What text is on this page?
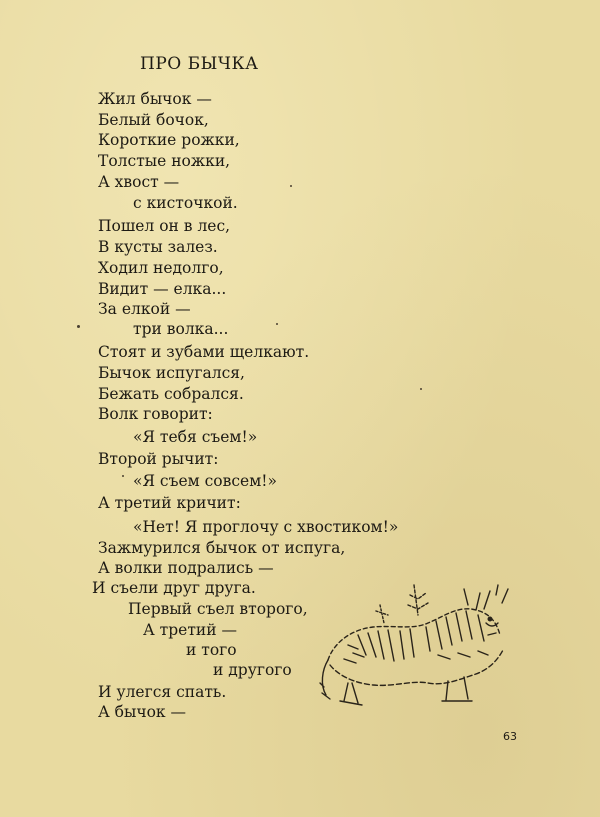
ПРО БЫЧКА
Жил бычок —
Белый бочок,
Короткие рожки,
Толстые ножки,
А хвост —
с кисточкой.
Пошел он в лес,
В кусты залез.
Ходил недолго,
Видит — елка...
За елкой —
три волка...
Стоят и зубами щелкают.
Бычок испугался,
Бежать собрался.
Волк говорит:
«Я тебя съем!»
Второй рычит:
«Я съем совсем!»
А третий кричит:
«Нет! Я проглочу с хвостиком!»
Зажмурился бычок от испуга,
А волки подрались —
И съели друг друга.
Первый съел второго,
А третий —
и того
и другого
И улегся спать.
А бычок —
63
